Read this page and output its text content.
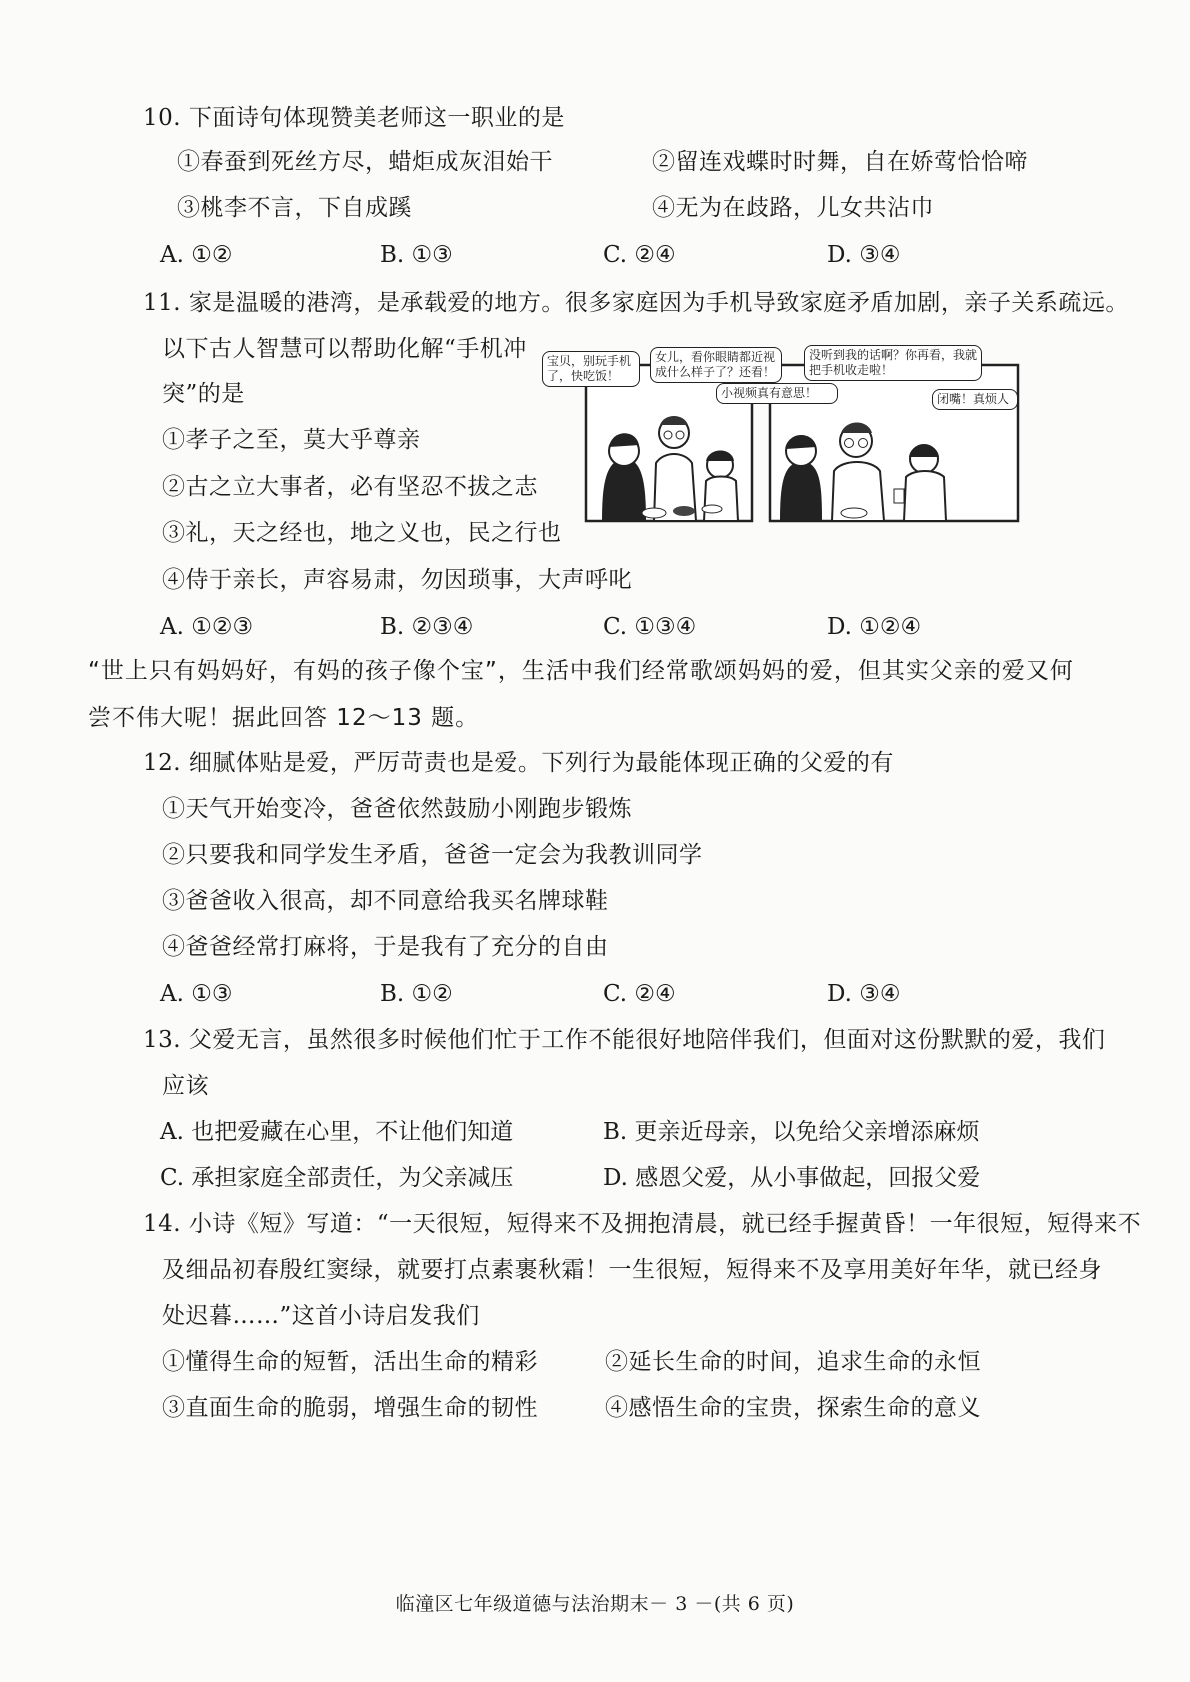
10. 下面诗句体现赞美老师这一职业的是
①春蚕到死丝方尽，蜡炬成灰泪始干	②留连戏蝶时时舞，自在娇莺恰恰啼
③桃李不言，下自成蹊	④无为在歧路，儿女共沾巾
A. ①②	B. ①③	C. ②④	D. ③④
11. 家是温暖的港湾，是承载爱的地方。很多家庭因为手机导致家庭矛盾加剧，亲子关系疏远。
以下古人智慧可以帮助化解“手机冲
突”的是
①孝子之至，莫大乎尊亲
②古之立大事者，必有坚忍不拔之志
③礼，天之经也，地之义也，民之行也
④侍于亲长，声容易肃，勿因琐事，大声呼叱
A. ①②③	B. ②③④	C. ①③④	D. ①②④
宝贝，别玩手机了，快吃饭！
女儿，看你眼睛都近视成什么样子了？还看！
小视频真有意思！
没听到我的话啊？你再看，我就把手机收走啦！
闭嘴！真烦人
“世上只有妈妈好，有妈的孩子像个宝”，生活中我们经常歌颂妈妈的爱，但其实父亲的爱又何
尝不伟大呢！据此回答 12～13 题。
12. 细腻体贴是爱，严厉苛责也是爱。下列行为最能体现正确的父爱的有
①天气开始变冷，爸爸依然鼓励小刚跑步锻炼
②只要我和同学发生矛盾，爸爸一定会为我教训同学
③爸爸收入很高，却不同意给我买名牌球鞋
④爸爸经常打麻将，于是我有了充分的自由
A. ①③	B. ①②	C. ②④	D. ③④
13. 父爱无言，虽然很多时候他们忙于工作不能很好地陪伴我们，但面对这份默默的爱，我们
应该
A. 也把爱藏在心里，不让他们知道	B. 更亲近母亲，以免给父亲增添麻烦
C. 承担家庭全部责任，为父亲减压	D. 感恩父爱，从小事做起，回报父爱
14. 小诗《短》写道：“一天很短，短得来不及拥抱清晨，就已经手握黄昏！一年很短，短得来不
及细品初春殷红窦绿，就要打点素裹秋霜！一生很短，短得来不及享用美好年华，就已经身
处迟暮……”这首小诗启发我们
①懂得生命的短暂，活出生命的精彩	②延长生命的时间，追求生命的永恒
③直面生命的脆弱，增强生命的韧性	④感悟生命的宝贵，探索生命的意义
临潼区七年级道德与法治期末－ 3 －(共 6 页)
